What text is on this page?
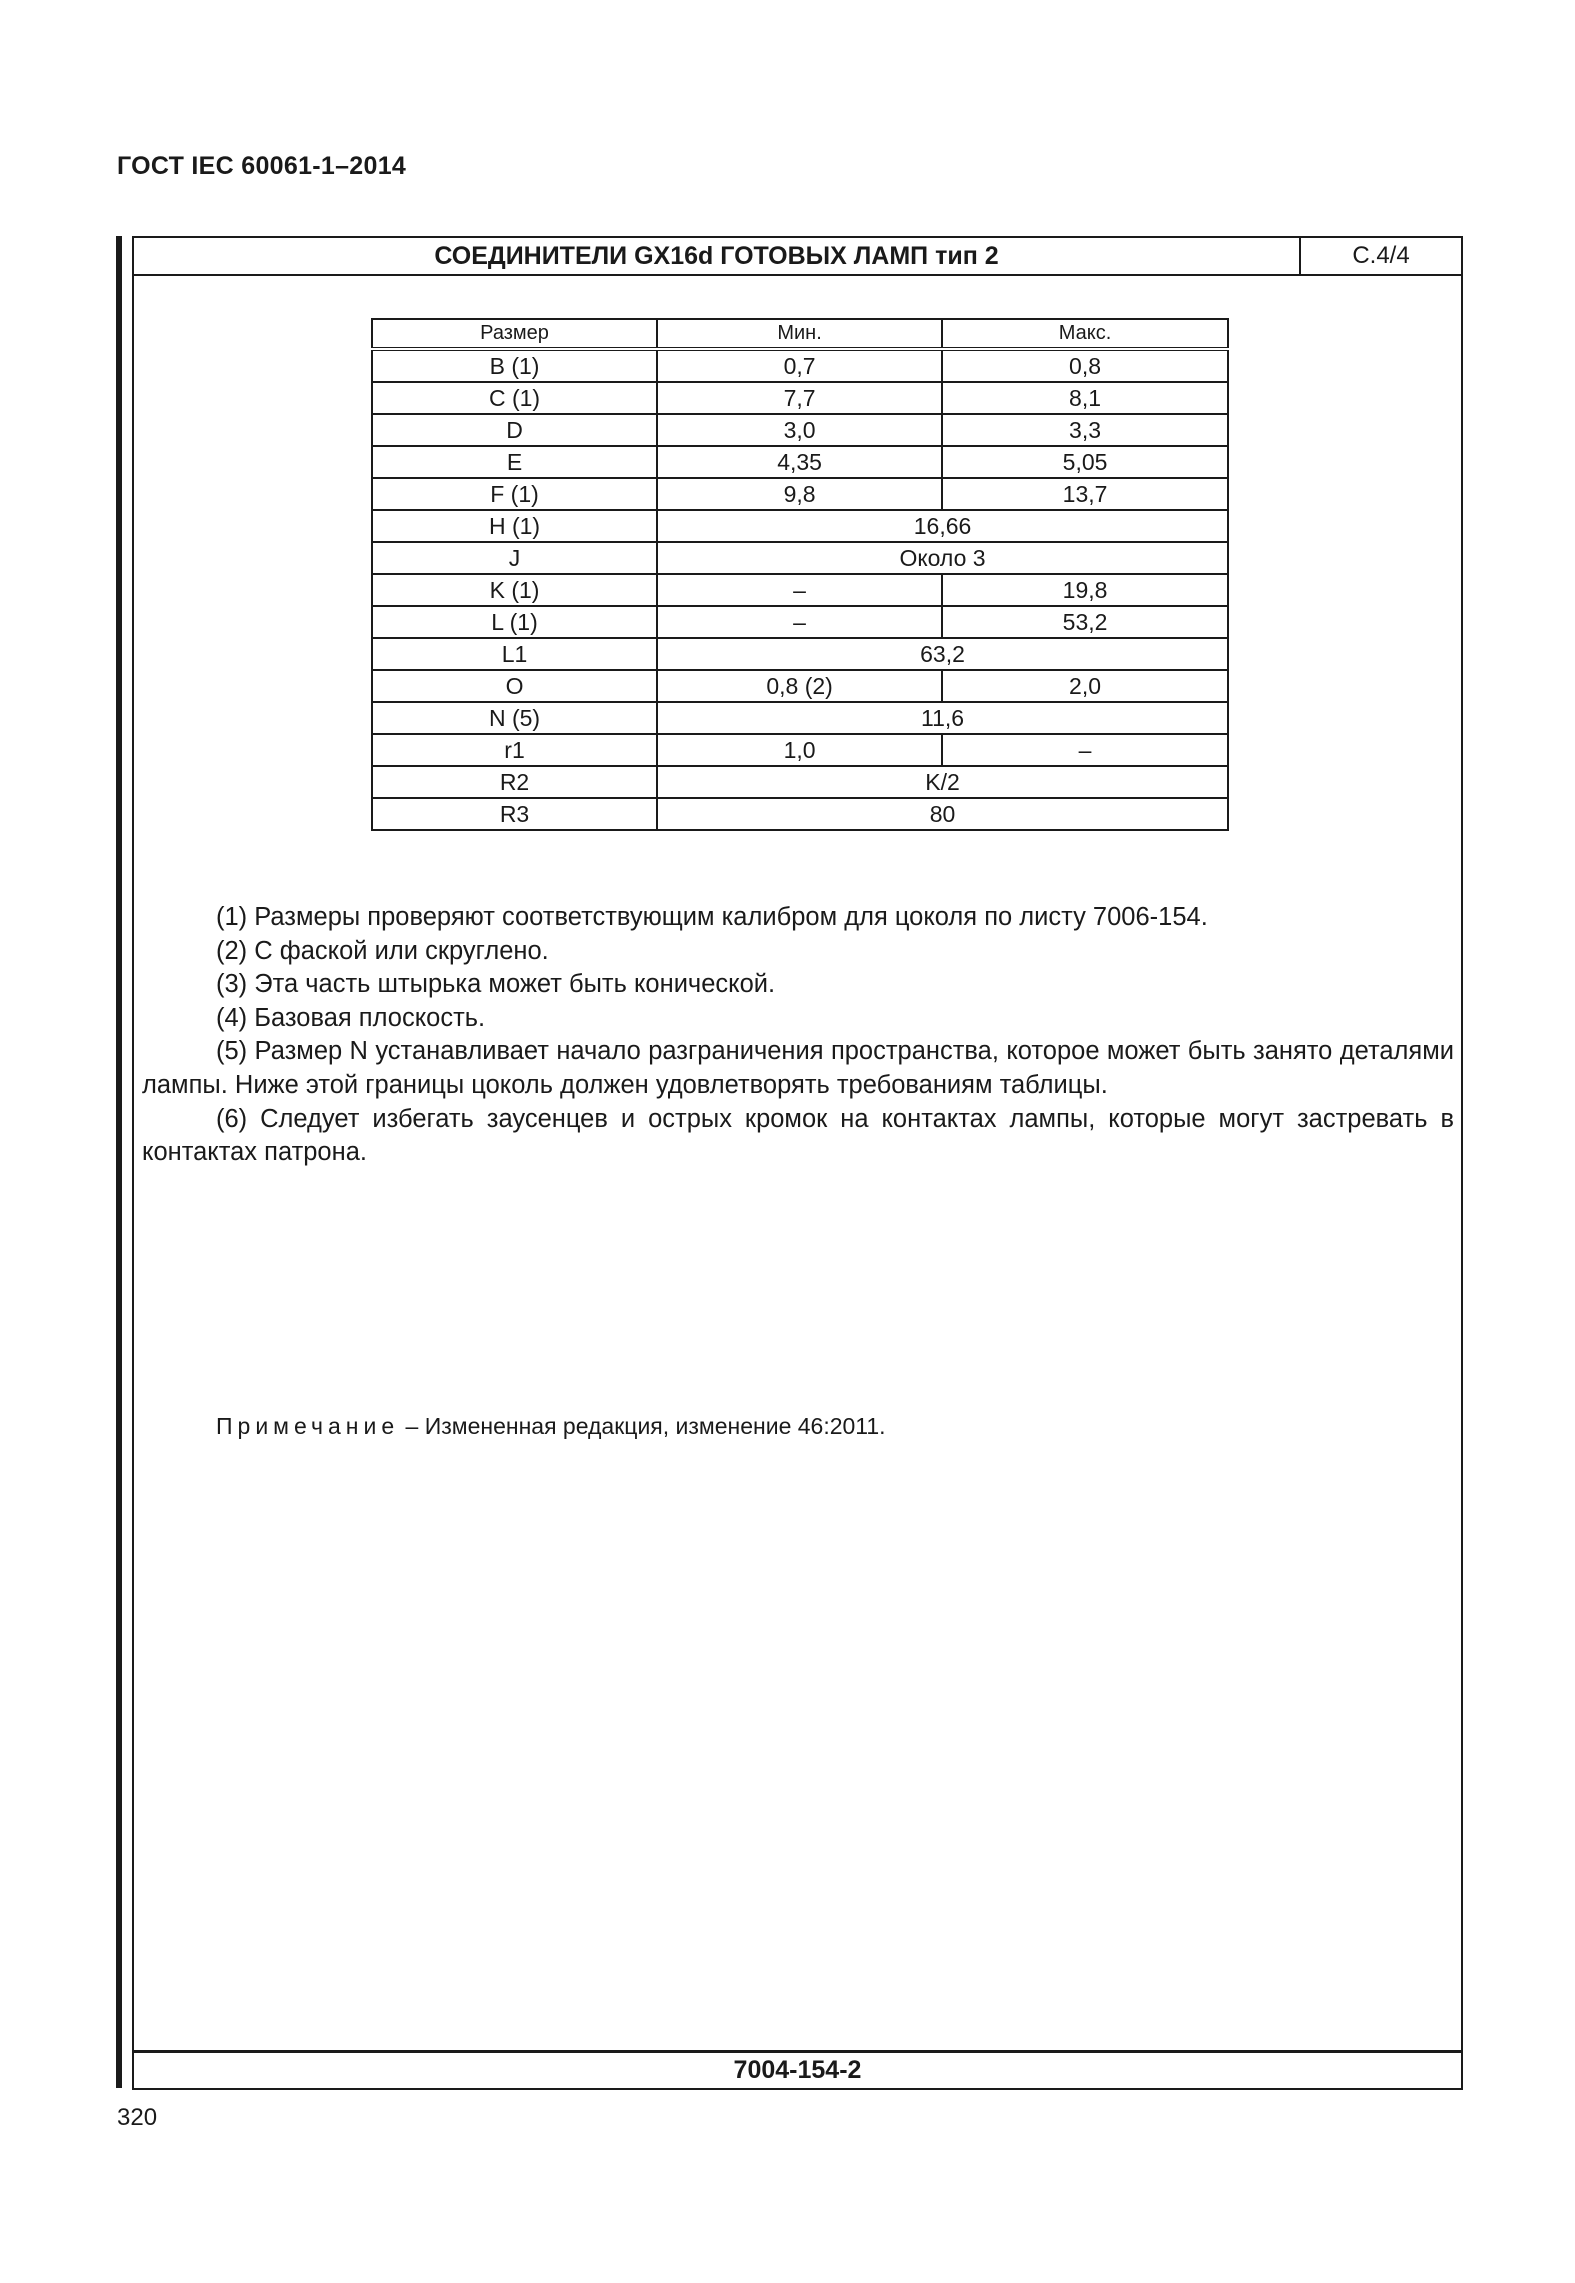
ГОСТ IEC 60061-1–2014
СОЕДИНИТЕЛИ GX16d ГОТОВЫХ ЛАМП тип 2	С.4/4
Размер	Мин.	Макс.
B (1)	0,7	0,8
C (1)	7,7	8,1
D	3,0	3,3
E	4,35	5,05
F (1)	9,8	13,7
H (1)	16,66	
J	Около 3	
K (1)	–	19,8
L (1)	–	53,2
L1	63,2	
O	0,8 (2)	2,0
N (5)	11,6	
r1	1,0	–
R2	K/2	
R3	80	

(1) Размеры проверяют соответствующим калибром для цоколя по листу 7006-154.

(2) С фаской или скруглено.

(3) Эта часть штырька может быть конической.

(4) Базовая плоскость.

(5) Размер N устанавливает начало разграничения пространства, которое может быть занято деталями лампы. Ниже этой границы цоколь должен удовлетворять требованиям таблицы.

(6) Следует избегать заусенцев и острых кромок на контактах лампы, которые могут застревать в контактах патрона.

Примечание – Измененная редакция, изменение 46:2011.
7004-154-2
320
